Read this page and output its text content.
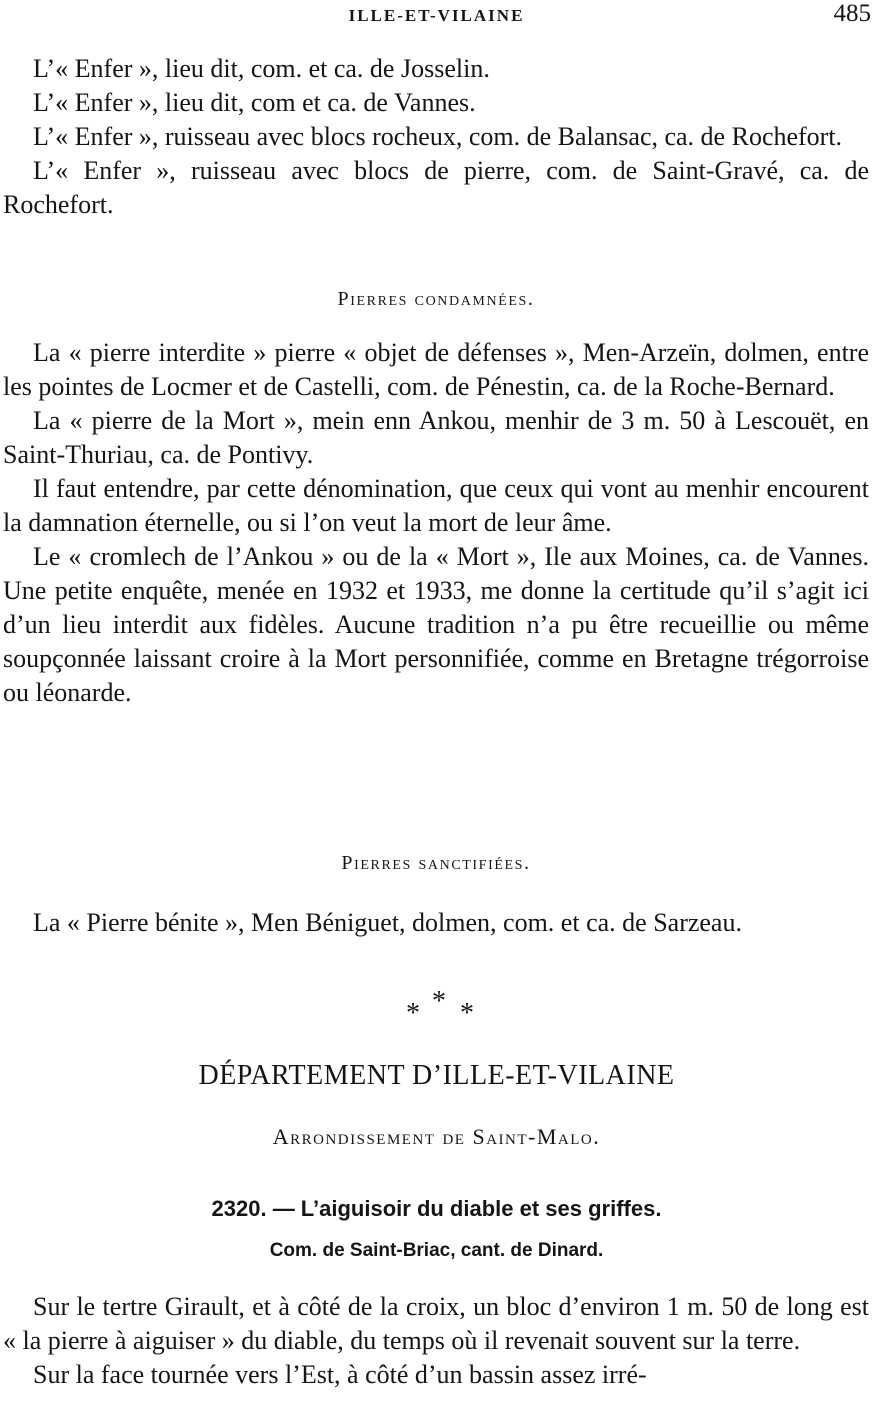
ILLE-ET-VILAINE	485

L’« Enfer », lieu dit, com. et ca. de Josselin.

L’« Enfer », lieu dit, com et ca. de Vannes.

L’« Enfer », ruisseau avec blocs rocheux, com. de Balansac, ca. de Rochefort.

L’« Enfer », ruisseau avec blocs de pierre, com. de Saint-Gravé, ca. de Rochefort.

Pierres condamnées.

La « pierre interdite » pierre « objet de défenses », Men-Arzeïn, dolmen, entre les pointes de Locmer et de Castelli, com. de Pénestin, ca. de la Roche-Bernard.

La « pierre de la Mort », mein enn Ankou, menhir de 3 m. 50 à Lescouët, en Saint-Thuriau, ca. de Pontivy.

Il faut entendre, par cette dénomination, que ceux qui vont au menhir encourent la damnation éternelle, ou si l’on veut la mort de leur âme.

Le « cromlech de l’Ankou » ou de la « Mort », Ile aux Moines, ca. de Vannes. Une petite enquête, menée en 1932 et 1933, me donne la certitude qu’il s’agit ici d’un lieu interdit aux fidèles. Aucune tradition n’a pu être recueillie ou même soupçonnée laissant croire à la Mort personnifiée, comme en Bretagne trégorroise ou léonarde.

Pierres sanctifiées.

La « Pierre bénite », Men Béniguet, dolmen, com. et ca. de Sarzeau.

*
* *
DÉPARTEMENT D’ILLE-ET-VILAINE
Arrondissement de Saint-Malo.
2320. — L’aiguisoir du diable et ses griffes.
Com. de Saint-Briac, cant. de Dinard.

Sur le tertre Girault, et à côté de la croix, un bloc d’environ 1 m. 50 de long est « la pierre à aiguiser » du diable, du temps où il revenait souvent sur la terre.

Sur la face tournée vers l’Est, à côté d’un bassin assez irré-
